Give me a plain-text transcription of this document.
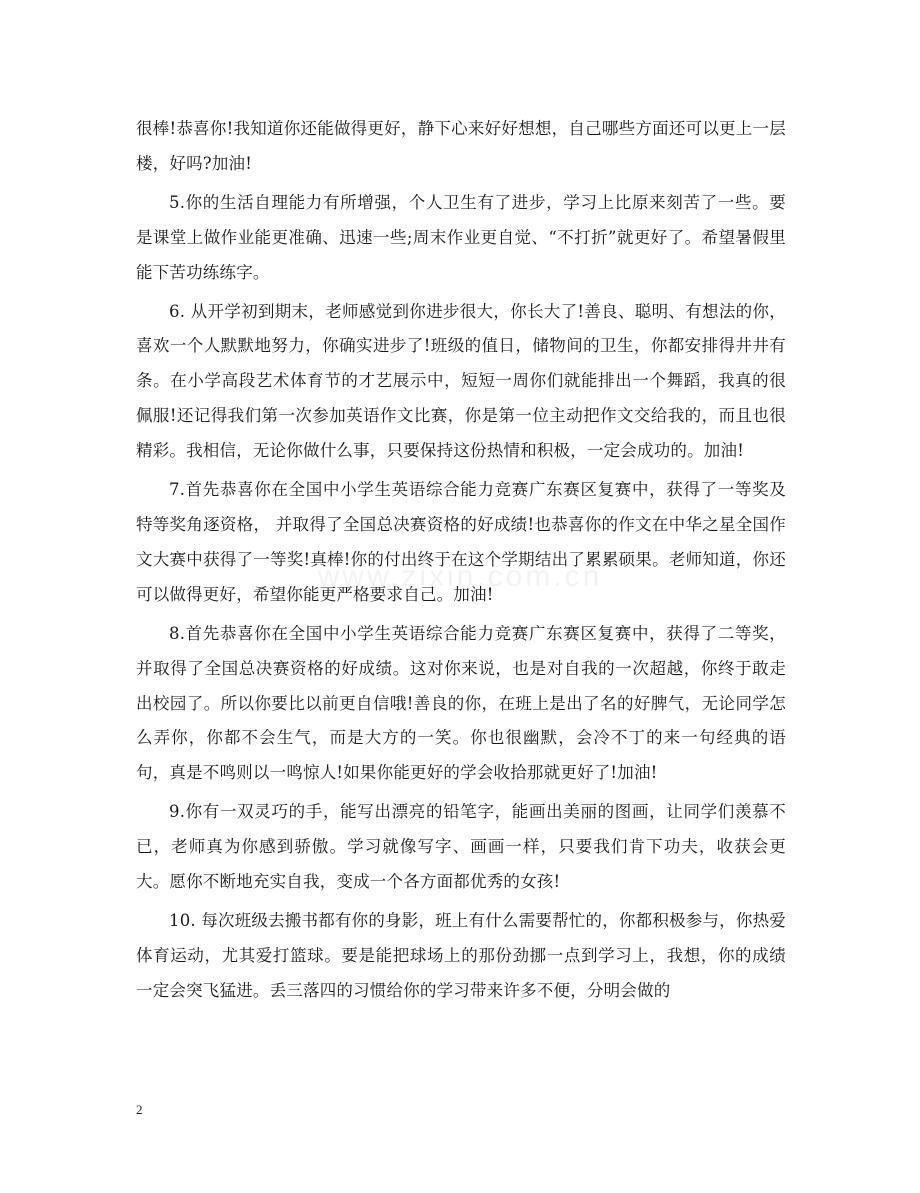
www.zixin.com.cn

很棒!恭喜你!我知道你还能做得更好，静下心来好好想想，自己哪些方面还可以更上一层楼，好吗?加油!

5.你的生活自理能力有所增强，个人卫生有了进步，学习上比原来刻苦了一些。要是课堂上做作业能更准确、迅速一些;周末作业更自觉、“不打折”就更好了。希望暑假里能下苦功练练字。

6. 从开学初到期末，老师感觉到你进步很大，你长大了!善良、聪明、有想法的你，喜欢一个人默默地努力，你确实进步了!班级的值日，储物间的卫生，你都安排得井井有条。在小学高段艺术体育节的才艺展示中，短短一周你们就能排出一个舞蹈，我真的很佩服!还记得我们第一次参加英语作文比赛，你是第一位主动把作文交给我的，而且也很精彩。我相信，无论你做什么事，只要保持这份热情和积极，一定会成功的。加油!

7.首先恭喜你在全国中小学生英语综合能力竞赛广东赛区复赛中，获得了一等奖及特等奖角逐资格， 并取得了全国总决赛资格的好成绩!也恭喜你的作文在中华之星全国作文大赛中获得了一等奖!真棒!你的付出终于在这个学期结出了累累硕果。老师知道，你还可以做得更好，希望你能更严格要求自己。加油!

8.首先恭喜你在全国中小学生英语综合能力竞赛广东赛区复赛中，获得了二等奖， 并取得了全国总决赛资格的好成绩。这对你来说，也是对自我的一次超越，你终于敢走出校园了。所以你要比以前更自信哦!善良的你，在班上是出了名的好脾气，无论同学怎么弄你，你都不会生气，而是大方的一笑。你也很幽默，会冷不丁的来一句经典的语句，真是不鸣则以一鸣惊人!如果你能更好的学会收拾那就更好了!加油!

9.你有一双灵巧的手，能写出漂亮的铅笔字，能画出美丽的图画，让同学们羡慕不已，老师真为你感到骄傲。学习就像写字、画画一样，只要我们肯下功夫，收获会更大。愿你不断地充实自我，变成一个各方面都优秀的女孩!

10. 每次班级去搬书都有你的身影，班上有什么需要帮忙的，你都积极参与，你热爱体育运动，尤其爱打篮球。要是能把球场上的那份劲挪一点到学习上，我想，你的成绩一定会突飞猛进。丢三落四的习惯给你的学习带来许多不便，分明会做的

2
